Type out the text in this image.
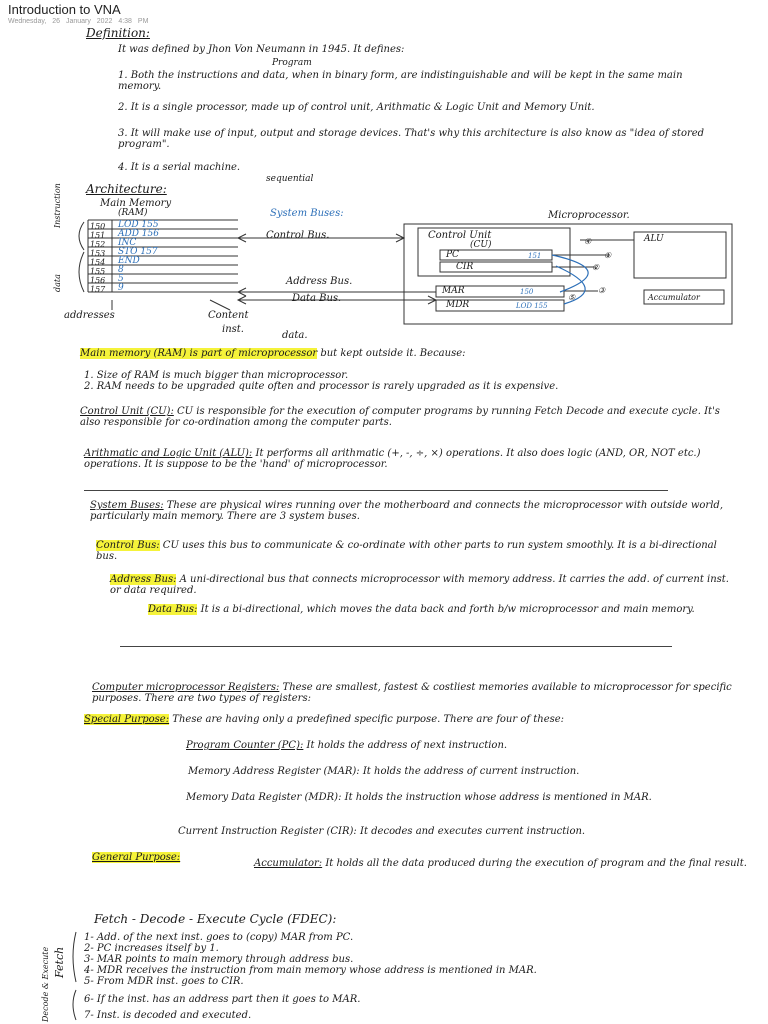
Introduction to VNA
Wednesday, 26 January 2022 4:38 PM
Definition:
It was defined by Jhon Von Neumann in 1945. It defines:
Program
1. Both the instructions and data, when in binary form, are indistinguishable and will be kept in the same main memory.
2. It is a single processor, made up of control unit, Arithmatic & Logic Unit and Memory Unit.
3. It will make use of input, output and storage devices. That's why this architecture is also know as "idea of stored program".
4. It is a serial machine.
sequential
Architecture:
①
②
③
④
⑤
Main Memory
(RAM)	System Buses:	Microprocessor.
Instruction
data
150 LOD 155
151 ADD 156
152 INC
153 STO 157
154 END
155 8
156 5
157 9
Control Bus.
Address Bus.
Data Bus.
addresses	Content
inst.
data.
Control Unit
(CU)
PC	151
CIR
MAR	150
MDR	LOD 155
ALU
Accumulator
Main memory (RAM) is part of microprocessor but kept outside it. Because:
1. Size of RAM is much bigger than microprocessor.
2. RAM needs to be upgraded quite often and processor is rarely upgraded as it is expensive.
Control Unit (CU): CU is responsible for the execution of computer programs by running Fetch Decode and execute cycle. It's also responsible for co-ordination among the computer parts.
Arithmatic and Logic Unit (ALU): It performs all arithmatic (+, -, ÷, ×) operations. It also does logic (AND, OR, NOT etc.) operations. It is suppose to be the 'hand' of microprocessor.
System Buses: These are physical wires running over the motherboard and connects the microprocessor with outside world, particularly main memory. There are 3 system buses.
Control Bus: CU uses this bus to communicate & co-ordinate with other parts to run system smoothly. It is a bi-directional bus.
Address Bus: A uni-directional bus that connects microprocessor with memory address. It carries the add. of current inst. or data required.
Data Bus: It is a bi-directional, which moves the data back and forth b/w microprocessor and main memory.
Computer microprocessor Registers: These are smallest, fastest & costliest memories available to microprocessor for specific purposes. There are two types of registers:
Special Purpose: These are having only a predefined specific purpose. There are four of these:
Program Counter (PC): It holds the address of next instruction.
Memory Address Register (MAR): It holds the address of current instruction.
Memory Data Register (MDR): It holds the instruction whose address is mentioned in MAR.
Current Instruction Register (CIR): It decodes and executes current instruction.
General Purpose:
Accumulator: It holds all the data produced during the execution of program and the final result.
Fetch - Decode - Execute Cycle (FDEC):
Fetch
Decode & Execute
1- Add. of the next inst. goes to (copy) MAR from PC.
2- PC increases itself by 1.
3- MAR points to main memory through address bus.
4- MDR receives the instruction from main memory whose address is mentioned in MAR.
5- From MDR inst. goes to CIR.
6- If the inst. has an address part then it goes to MAR.
7- Inst. is decoded and executed.
